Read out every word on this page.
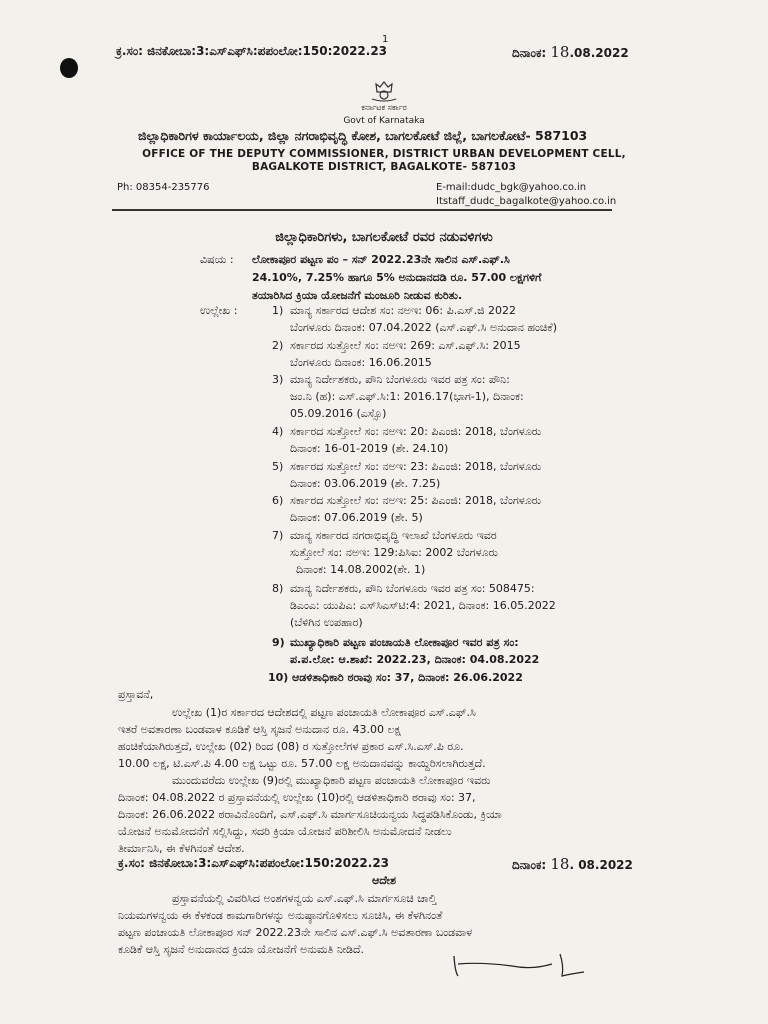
1
ಕ್ರ.ಸಂ: ಜಿನಕೋಬಾ:3:ಎಸ್‌ಎಫ್‌ಸಿ:ಪಪಂಲೋ:150:2022.23	ದಿನಾಂಕ: 18.08.2022
ಕರ್ನಾಟಕ ಸರ್ಕಾರ
Govt of Karnataka
ಜಿಲ್ಲಾಧಿಕಾರಿಗಳ ಕಾರ್ಯಾಲಯ, ಜಿಲ್ಲಾ ನಗರಾಭಿವೃದ್ಧಿ ಕೋಶ, ಬಾಗಲಕೋಟೆ ಜಿಲ್ಲೆ, ಬಾಗಲಕೋಟೆ- 587103
OFFICE OF THE DEPUTY COMMISSIONER, DISTRICT URBAN DEVELOPMENT CELL,
BAGALKOTE DISTRICT, BAGALKOTE- 587103
Ph: 08354-235776	E-mail:dudc_bgk@yahoo.co.in
Itstaff_dudc_bagalkote@yahoo.co.in
ಜಿಲ್ಲಾಧಿಕಾರಿಗಳು, ಬಾಗಲಕೋಟೆ ರವರ ನಡುವಳಿಗಳು
ವಿಷಯ : ಲೋಕಾಪೂರ ಪಟ್ಟಣ ಪಂ – ಸನ್ 2022.23ನೇ ಸಾಲಿನ ಎಸ್.ಎಫ್.ಸಿ
24.10%, 7.25% ಹಾಗೂ 5% ಅನುದಾನದಡಿ ರೂ. 57.00 ಲಕ್ಷಗಳಿಗೆ
ತಯಾರಿಸಿದ ಕ್ರಿಯಾ ಯೋಜನೆಗೆ ಮಂಜೂರಿ ನೀಡುವ ಕುರಿತು.
ಉಲ್ಲೇಖ :	1) ಮಾನ್ಯ ಸರ್ಕಾರದ ಆದೇಶ ಸಂ: ನಅಇ: 06: ಪಿ.ಎಸ್.ಜಿ 2022
ಬೆಂಗಳೂರು ದಿನಾಂಕ: 07.04.2022 (ಎಸ್.ಎಫ್.ಸಿ ಅನುದಾನ ಹಂಚಿಕೆ)
2) ಸರ್ಕಾರದ ಸುತ್ತೋಲೆ ಸಂ: ನಅಇ: 269: ಎಸ್.ಎಫ್.ಸಿ: 2015
ಬೆಂಗಳೂರು ದಿನಾಂಕ: 16.06.2015
3) ಮಾನ್ಯ ನಿರ್ದೇಶಕರು, ಪೌನಿ ಬೆಂಗಳೂರು ಇವರ ಪತ್ರ ಸಂ: ಪೌನಿ:
ಜಂ.ನಿ (ಹ): ಎಸ್.ಎಫ್.ಸಿ:1: 2016.17(ಭಾಗ-1), ದಿನಾಂಕ:
05.09.2016 (ಎಸ್ಸೊ)
4) ಸರ್ಕಾರದ ಸುತ್ತೋಲೆ ಸಂ: ನಅಇ: 20: ಪಿಎಂಜಿ: 2018, ಬೆಂಗಳೂರು
ದಿನಾಂಕ: 16-01-2019 (ಶೇ. 24.10)
5) ಸರ್ಕಾರದ ಸುತ್ತೋಲೆ ಸಂ: ನಅಇ: 23: ಪಿಎಂಜಿ: 2018, ಬೆಂಗಳೂರು
ದಿನಾಂಕ: 03.06.2019 (ಶೇ. 7.25)
6) ಸರ್ಕಾರದ ಸುತ್ತೋಲೆ ಸಂ: ನಅಇ: 25: ಪಿಎಂಜಿ: 2018, ಬೆಂಗಳೂರು
ದಿನಾಂಕ: 07.06.2019 (ಶೇ. 5)
7) ಮಾನ್ಯ ಸರ್ಕಾರದ ನಗರಾಭಿವೃದ್ಧಿ ಇಲಾಖೆ ಬೆಂಗಳೂರು ಇವರ
ಸುತ್ತೋಲೆ ಸಂ: ನಅಇ: 129:ಪಿಸಿಐ: 2002 ಬೆಂಗಳೂರು
ದಿನಾಂಕ: 14.08.2002(ಶೇ. 1)
8) ಮಾನ್ಯ ನಿರ್ದೇಶಕರು, ಪೌನಿ ಬೆಂಗಳೂರು ಇವರ ಪತ್ರ ಸಂ: 508475:
ಡಿಎಂಎ: ಯುಪಿಎ: ಎಸ್‌ಸಿಎಸ್‌ಟಿ:4: 2021, ದಿನಾಂಕ: 16.05.2022
(ಬೆಳಿಗಿನ ಉಪಹಾರ)
9) ಮುಖ್ಯಾಧಿಕಾರಿ ಪಟ್ಟಣ ಪಂಚಾಯತಿ ಲೋಕಾಪೂರ ಇವರ ಪತ್ರ ಸಂ:
ಪ.ಪ.ಲೋ: ಆ.ಶಾಖೆ: 2022.23, ದಿನಾಂಕ: 04.08.2022
10) ಆಡಳಿತಾಧಿಕಾರಿ ಠರಾವು ಸಂ: 37, ದಿನಾಂಕ: 26.06.2022
ಪ್ರಸ್ತಾವನೆ,
ಉಲ್ಲೇಖ (1)ರ ಸರ್ಕಾರದ ಆದೇಶದಲ್ಲಿ ಪಟ್ಟಣ ಪಂಚಾಯತಿ ಲೋಕಾಪೂರ ಎಸ್.ಎಫ್.ಸಿ
ಇತರೆ ಅವತಾರಣಾ ಬಂಡವಾಳ ಕೂಡಿಕೆ ಆಸ್ತಿ ಸೃಜನೆ ಅನುದಾನ ರೂ. 43.00 ಲಕ್ಷ
ಹಂಚಿಕೆಯಾಗಿರುತ್ತದೆ, ಉಲ್ಲೇಖ (02) ರಿಂದ (08) ರ ಸುತ್ತೋಲೆಗಳ ಪ್ರಕಾರ ಎಸ್.ಸಿ.ಎಸ್.ಪಿ ರೂ.
10.00 ಲಕ್ಷ, ಟಿ.ಎಸ್.ಪಿ 4.00 ಲಕ್ಷ ಒಟ್ಟು ರೂ. 57.00 ಲಕ್ಷ ಅನುದಾನವನ್ನು ಕಾಯ್ದಿರಿಸಲಾಗಿರುತ್ತದೆ.
ಮುಂದುವರೆದು ಉಲ್ಲೇಖ (9)ರಲ್ಲಿ ಮುಖ್ಯಾಧಿಕಾರಿ ಪಟ್ಟಣ ಪಂಚಾಯತಿ ಲೋಕಾಪೂರ ಇವರು
ದಿನಾಂಕ: 04.08.2022 ರ ಪ್ರಸ್ತಾವನೆಯಲ್ಲಿ ಉಲ್ಲೇಖ (10)ರಲ್ಲಿ ಆಡಳಿತಾಧಿಕಾರಿ ಠರಾವು ಸಂ: 37,
ದಿನಾಂಕ: 26.06.2022 ಠರಾವಿನೊಂದಿಗೆ, ಎಸ್.ಎಫ್.ಸಿ ಮಾರ್ಗಸೂಚಿಯನ್ವಯ ಸಿದ್ಧಪಡಿಸಿಕೊಂಡು, ಕ್ರಿಯಾ
ಯೋಜನೆ ಅನುಮೋದನೆಗೆ ಸಲ್ಲಿಸಿದ್ದು, ಸದರಿ ಕ್ರಿಯಾ ಯೋಜನೆ ಪರಿಶೀಲಿಸಿ ಅನುಮೋದನೆ ನೀಡಲು
ತೀರ್ಮಾನಿಸಿ, ಈ ಕೆಳಗಿನಂತೆ ಆದೇಶ.
ಕ್ರ.ಸಂ: ಜಿನಕೋಬಾ:3:ಎಸ್‌ಎಫ್‌ಸಿ:ಪಪಂಲೋ:150:2022.23	ದಿನಾಂಕ: 18. 08.2022
ಆದೇಶ
ಪ್ರಸ್ತಾವನೆಯಲ್ಲಿ ವಿವರಿಸಿದ ಅಂಶಗಳನ್ವಯ ಎಸ್.ಎಫ್.ಸಿ ಮಾರ್ಗಸೂಚಿ ಚಾಲ್ತಿ
ನಿಯಮಗಳನ್ವಯ ಈ ಕೆಳಕಂಡ ಕಾಮಗಾರಿಗಳನ್ನು ಅನುಷ್ಠಾನಗೊಳಿಸಲು ಸೂಚಿಸಿ, ಈ ಕೆಳಗಿನಂತೆ
ಪಟ್ಟಣ ಪಂಚಾಯತಿ ಲೋಕಾಪೂರ ಸನ್ 2022.23ನೇ ಸಾಲಿನ ಎಸ್.ಎಫ್.ಸಿ ಅವತಾರಣಾ ಬಂಡವಾಳ
ಕೂಡಿಕೆ ಆಸ್ತಿ ಸೃಜನೆ ಅನುದಾನದ ಕ್ರಿಯಾ ಯೋಜನೆಗೆ ಅನುಮತಿ ನೀಡಿದೆ.
